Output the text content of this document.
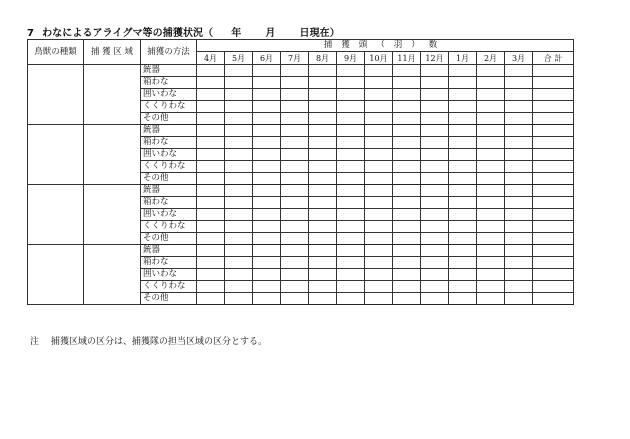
7 わなによるアライグマ等の捕獲状況（ 年 月 日現在）
鳥獣の種類	捕 獲 区 域	捕獲の方法	捕獲頭（羽）数												
			4月	5月	6月	7月	8月	9月	10月	11月	12月	1月	2月	3月	合 計
		銃器													
		箱わな													
		囲いわな													
		くくりわな													
		その他													
		銃器													
		箱わな													
		囲いわな													
		くくりわな													
		その他													
		銃器													
		箱わな													
		囲いわな													
		くくりわな													
		その他													
		銃器													
		箱わな													
		囲いわな													
		くくりわな													
		その他													
注 捕獲区域の区分は、捕獲隊の担当区域の区分とする。
